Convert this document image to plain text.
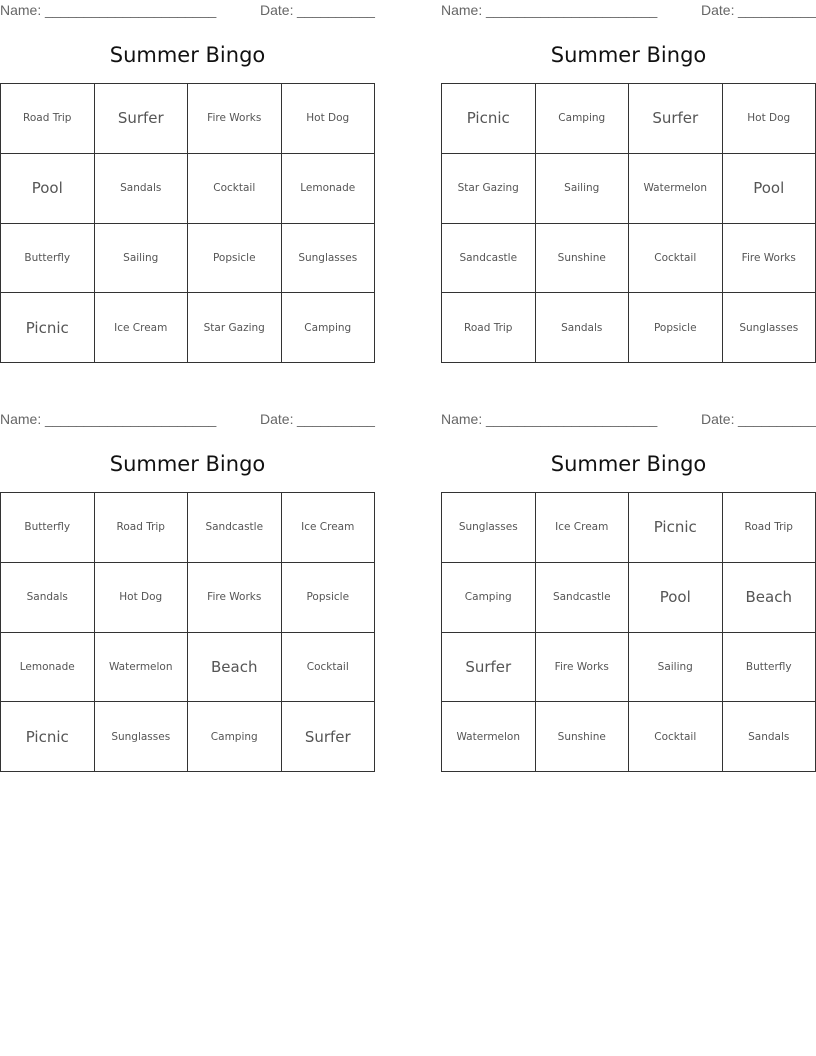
Name: ______________________	Date: __________
Summer Bingo
Road Trip	Surfer	Fire Works	Hot Dog
Pool	Sandals	Cocktail	Lemonade
Butterfly	Sailing	Popsicle	Sunglasses
Picnic	Ice Cream	Star Gazing	Camping
Name: ______________________	Date: __________
Summer Bingo
Picnic	Camping	Surfer	Hot Dog
Star Gazing	Sailing	Watermelon	Pool
Sandcastle	Sunshine	Cocktail	Fire Works
Road Trip	Sandals	Popsicle	Sunglasses
Name: ______________________	Date: __________
Summer Bingo
Butterfly	Road Trip	Sandcastle	Ice Cream
Sandals	Hot Dog	Fire Works	Popsicle
Lemonade	Watermelon	Beach	Cocktail
Picnic	Sunglasses	Camping	Surfer
Name: ______________________	Date: __________
Summer Bingo
Sunglasses	Ice Cream	Picnic	Road Trip
Camping	Sandcastle	Pool	Beach
Surfer	Fire Works	Sailing	Butterfly
Watermelon	Sunshine	Cocktail	Sandals
